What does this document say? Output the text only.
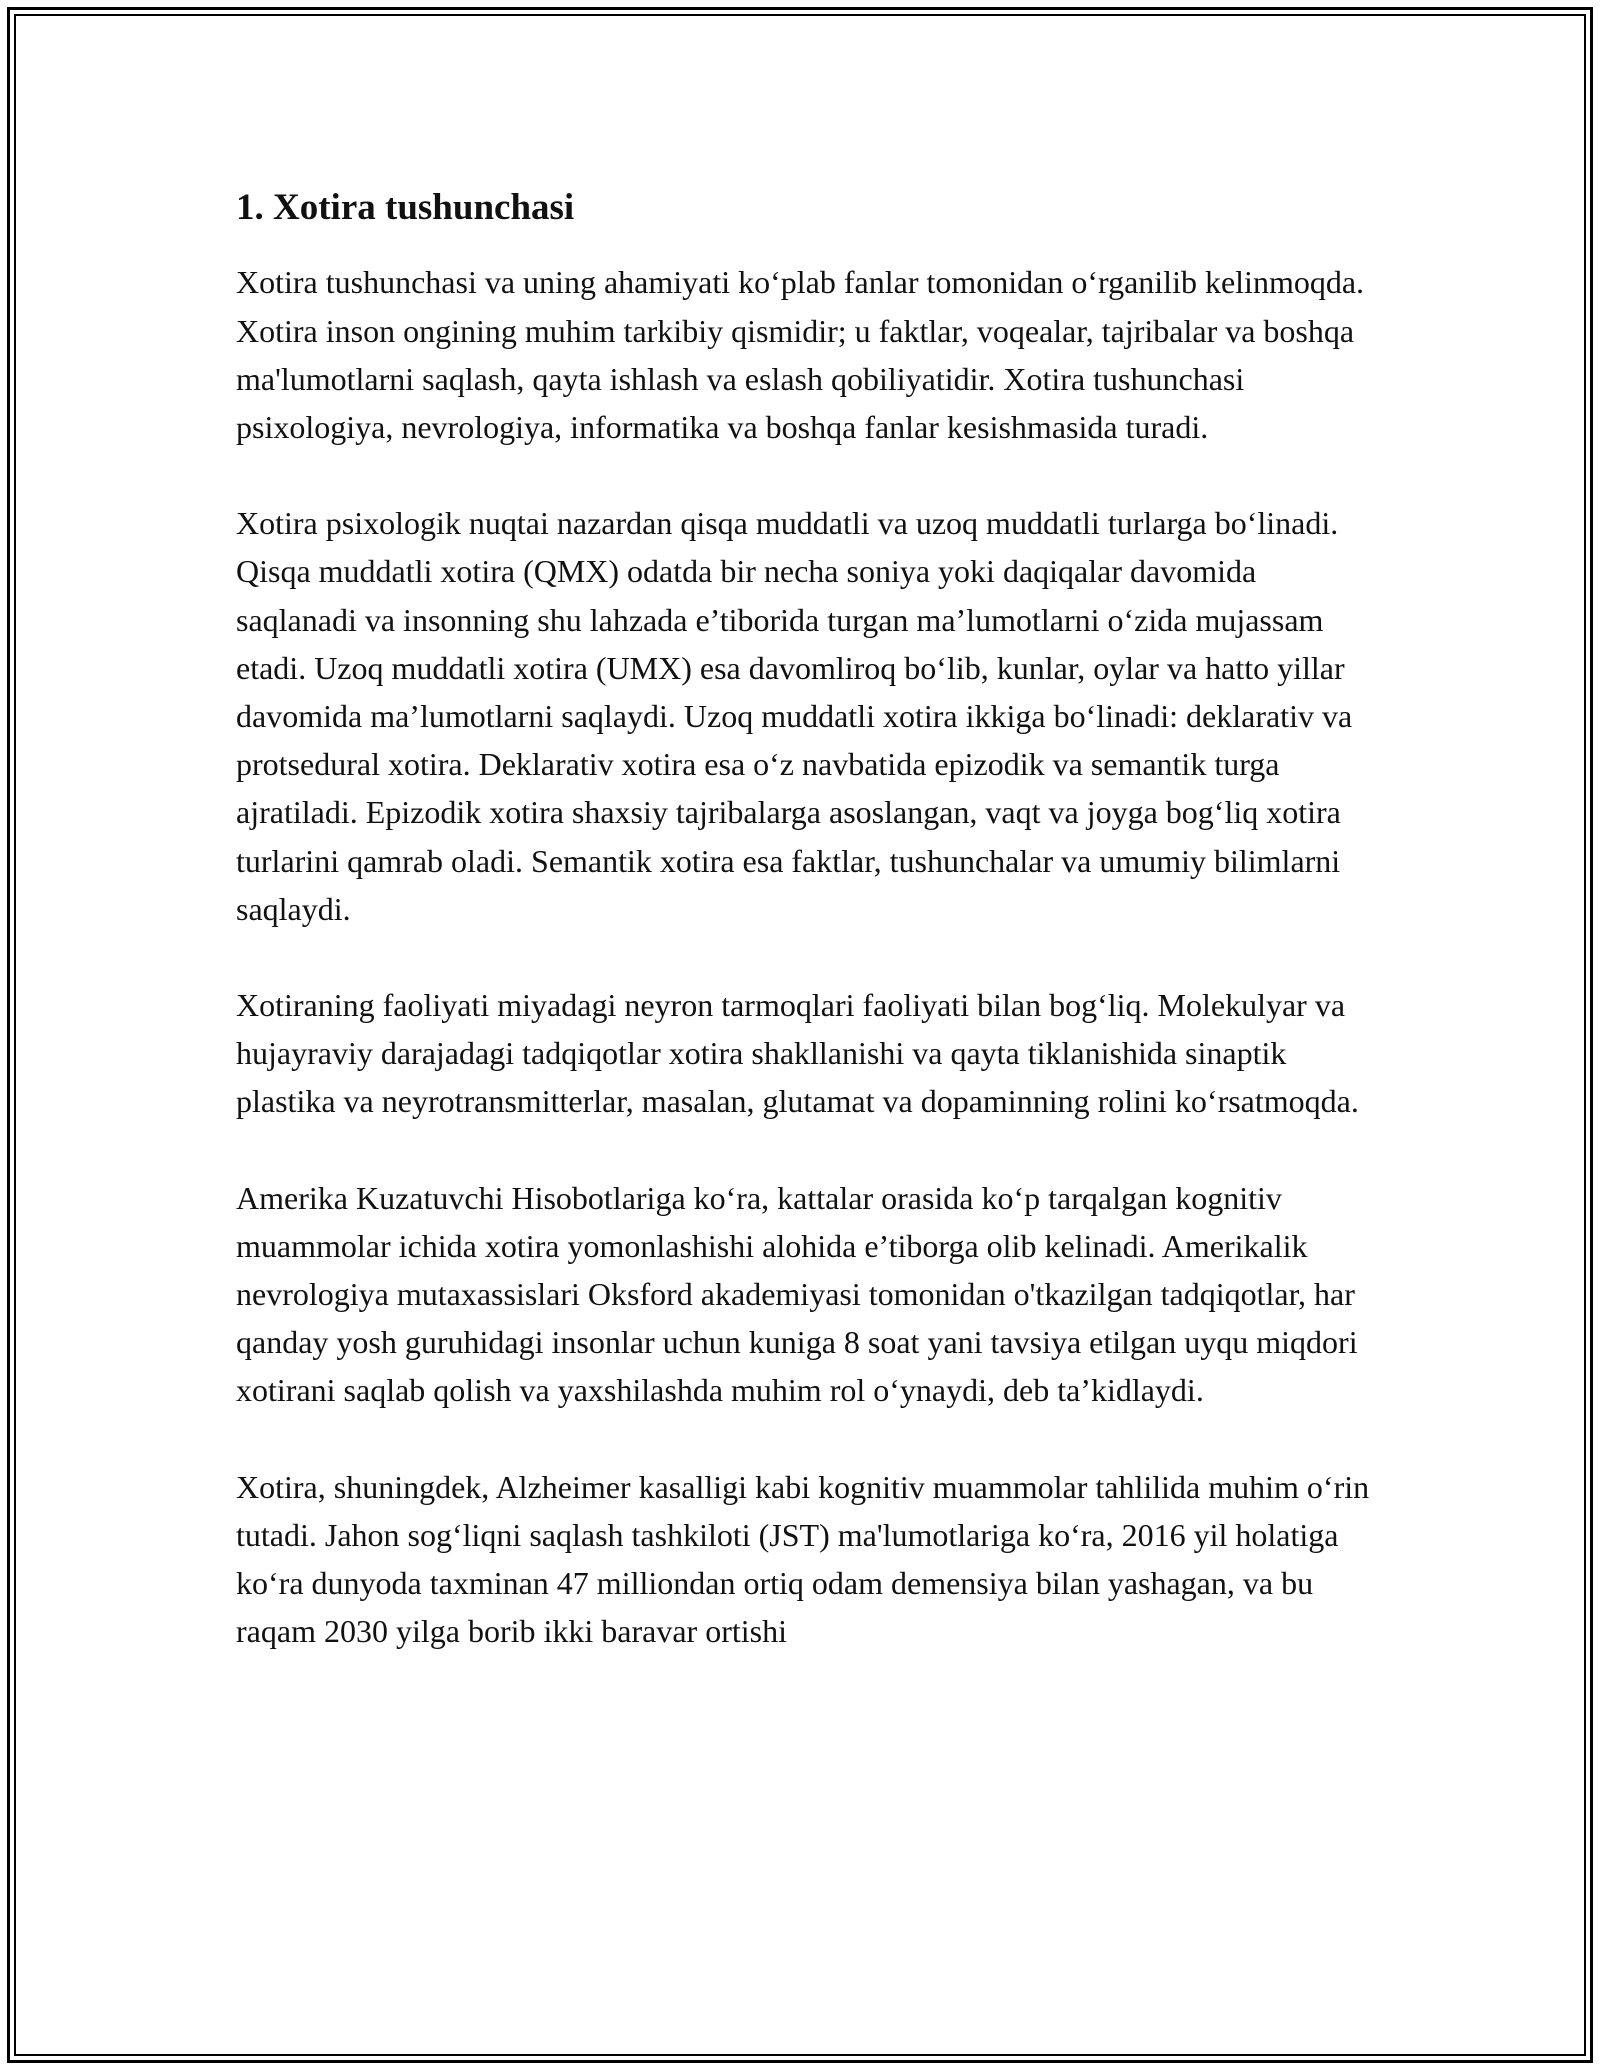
1. Xotira tushunchasi

Xotira tushunchasi va uning ahamiyati koʻplab fanlar tomonidan oʻrganilib kelinmoqda. Xotira inson ongining muhim tarkibiy qismidir; u faktlar, voqealar, tajribalar va boshqa ma'lumotlarni saqlash, qayta ishlash va eslash qobiliyatidir. Xotira tushunchasi psixologiya, nevrologiya, informatika va boshqa fanlar kesishmasida turadi.

Xotira psixologik nuqtai nazardan qisqa muddatli va uzoq muddatli turlarga boʻlinadi. Qisqa muddatli xotira (QMX) odatda bir necha soniya yoki daqiqalar davomida saqlanadi va insonning shu lahzada e’tiborida turgan ma’lumotlarni oʻzida mujassam etadi. Uzoq muddatli xotira (UMX) esa davomliroq boʻlib, kunlar, oylar va hatto yillar davomida ma’lumotlarni saqlaydi. Uzoq muddatli xotira ikkiga boʻlinadi: deklarativ va protsedural xotira. Deklarativ xotira esa oʻz navbatida epizodik va semantik turga ajratiladi. Epizodik xotira shaxsiy tajribalarga asoslangan, vaqt va joyga bogʻliq xotira turlarini qamrab oladi. Semantik xotira esa faktlar, tushunchalar va umumiy bilimlarni saqlaydi.

Xotiraning faoliyati miyadagi neyron tarmoqlari faoliyati bilan bogʻliq. Molekulyar va hujayraviy darajadagi tadqiqotlar xotira shakllanishi va qayta tiklanishida sinaptik plastika va neyrotransmitterlar, masalan, glutamat va dopaminning rolini koʻrsatmoqda.

Amerika Kuzatuvchi Hisobotlariga koʻra, kattalar orasida koʻp tarqalgan kognitiv muammolar ichida xotira yomonlashishi alohida e’tiborga olib kelinadi. Amerikalik nevrologiya mutaxassislari Oksford akademiyasi tomonidan o'tkazilgan tadqiqotlar, har qanday yosh guruhidagi insonlar uchun kuniga 8 soat yani tavsiya etilgan uyqu miqdori xotirani saqlab qolish va yaxshilashda muhim rol oʻynaydi, deb ta’kidlaydi.

Xotira, shuningdek, Alzheimer kasalligi kabi kognitiv muammolar tahlilida muhim oʻrin tutadi. Jahon sogʻliqni saqlash tashkiloti (JST) ma'lumotlariga koʻra, 2016 yil holatiga koʻra dunyoda taxminan 47 milliondan ortiq odam demensiya bilan yashagan, va bu raqam 2030 yilga borib ikki baravar ortishi
